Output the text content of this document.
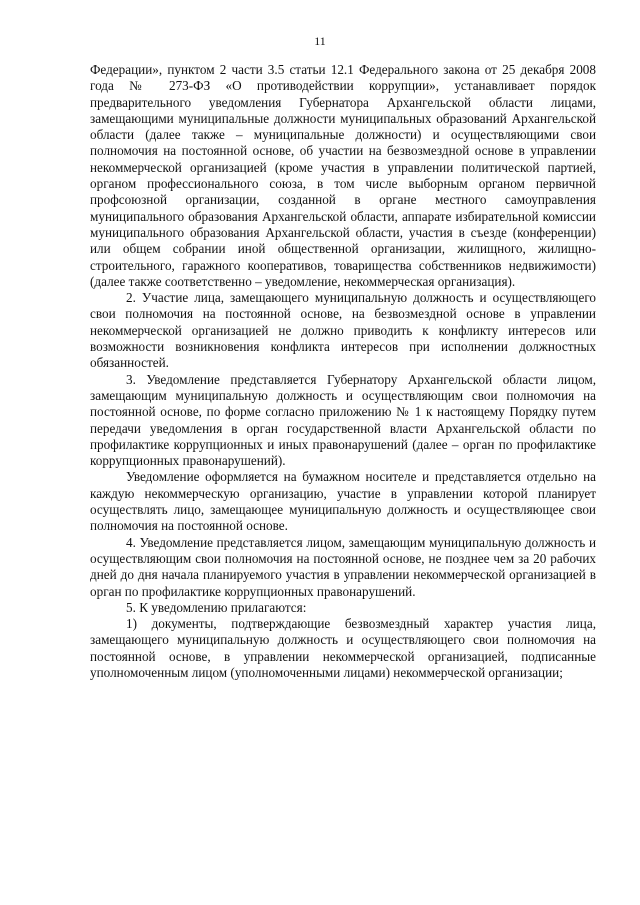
11

Федерации», пунктом 2 части 3.5 статьи 12.1 Федерального закона от 25 декабря 2008 года № 273-ФЗ «О противодействии коррупции», устанавливает порядок предварительного уведомления Губернатора Архангельской области лицами, замещающими муниципальные должности муниципальных образований Архангельской области (далее также – муниципальные должности) и осуществляющими свои полномочия на постоянной основе, об участии на безвозмездной основе в управлении некоммерческой организацией (кроме участия в управлении политической партией, органом профессионального союза, в том числе выборным органом первичной профсоюзной организации, созданной в органе местного самоуправления муниципального образования Архангельской области, аппарате избирательной комиссии муниципального образования Архангельской области, участия в съезде (конференции) или общем собрании иной общественной организации, жилищного, жилищно-строительного, гаражного кооперативов, товарищества собственников недвижимости) (далее также соответственно – уведомление, некоммерческая организация).

2. Участие лица, замещающего муниципальную должность и осуществляющего свои полномочия на постоянной основе, на безвозмездной основе в управлении некоммерческой организацией не должно приводить к конфликту интересов или возможности возникновения конфликта интересов при исполнении должностных обязанностей.

3. Уведомление представляется Губернатору Архангельской области лицом, замещающим муниципальную должность и осуществляющим свои полномочия на постоянной основе, по форме согласно приложению № 1 к настоящему Порядку путем передачи уведомления в орган государственной власти Архангельской области по профилактике коррупционных и иных правонарушений (далее – орган по профилактике коррупционных правонарушений).

Уведомление оформляется на бумажном носителе и представляется отдельно на каждую некоммерческую организацию, участие в управлении которой планирует осуществлять лицо, замещающее муниципальную должность и осуществляющее свои полномочия на постоянной основе.

4. Уведомление представляется лицом, замещающим муниципальную должность и осуществляющим свои полномочия на постоянной основе, не позднее чем за 20 рабочих дней до дня начала планируемого участия в управлении некоммерческой организацией в орган по профилактике коррупционных правонарушений.

5. К уведомлению прилагаются:

1) документы, подтверждающие безвозмездный характер участия лица, замещающего муниципальную должность и осуществляющего свои полномочия на постоянной основе, в управлении некоммерческой организацией, подписанные уполномоченным лицом (уполномоченными лицами) некоммерческой организации;
